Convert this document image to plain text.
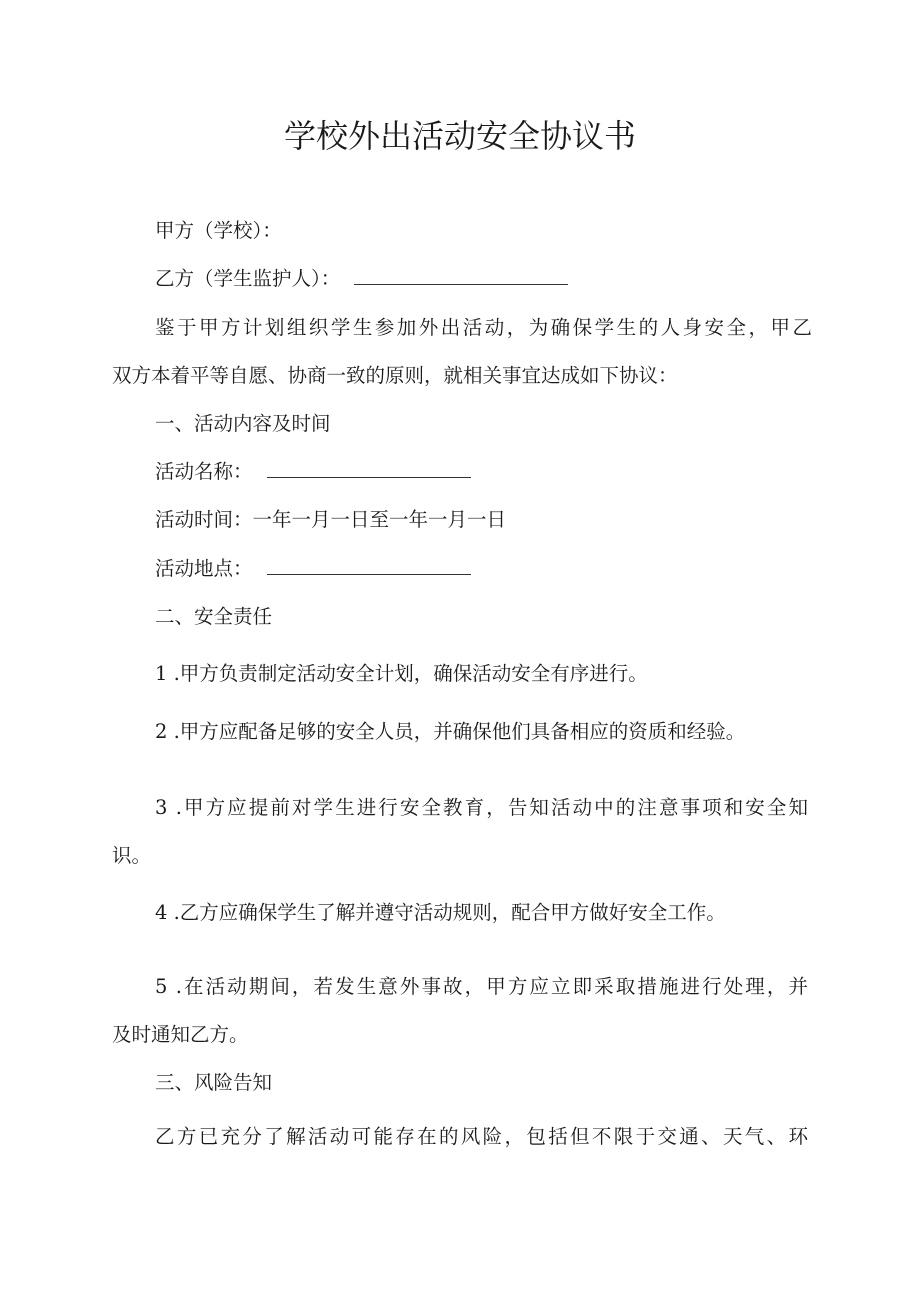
学校外出活动安全协议书
甲方（学校）：
乙方（学生监护人）：
鉴于甲方计划组织学生参加外出活动，为确保学生的人身安全，甲乙
双方本着平等自愿、协商一致的原则，就相关事宜达成如下协议：
一、活动内容及时间
活动名称：
活动时间：一年一月一日至一年一月一日
活动地点：
二、安全责任
1 .甲方负责制定活动安全计划，确保活动安全有序进行。
2 .甲方应配备足够的安全人员，并确保他们具备相应的资质和经验。
3 .甲方应提前对学生进行安全教育，告知活动中的注意事项和安全知
识。
4 .乙方应确保学生了解并遵守活动规则，配合甲方做好安全工作。
5 .在活动期间，若发生意外事故，甲方应立即采取措施进行处理，并
及时通知乙方。
三、风险告知
乙方已充分了解活动可能存在的风险，包括但不限于交通、天气、环
